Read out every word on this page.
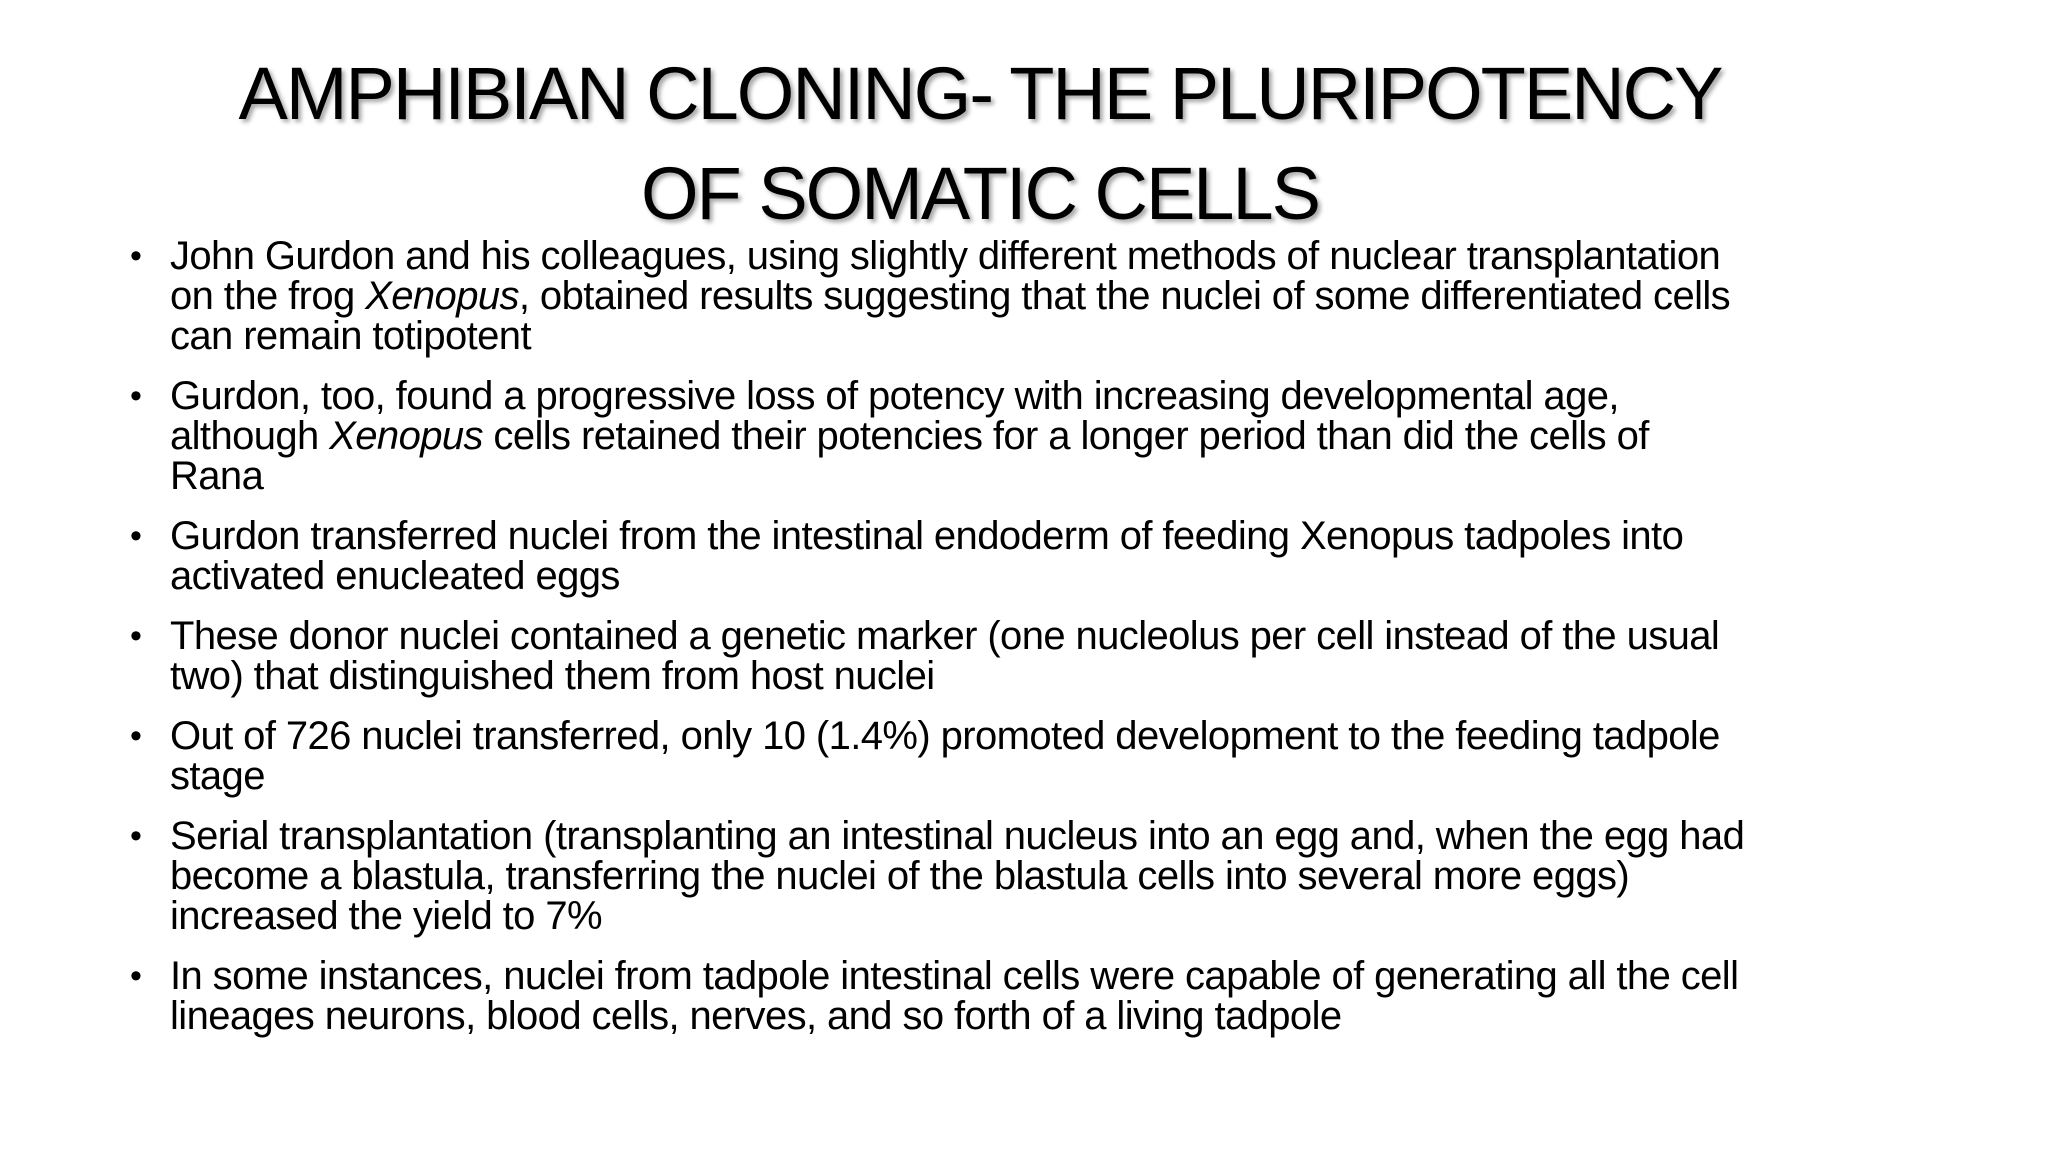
AMPHIBIAN CLONING- THE PLURIPOTENCY
OF SOMATIC CELLS
• John Gurdon and his colleagues, using slightly different methods of nuclear transplantation
on the frog Xenopus, obtained results suggesting that the nuclei of some differentiated cells
can remain totipotent
• Gurdon, too, found a progressive loss of potency with increasing developmental age,
although Xenopus cells retained their potencies for a longer period than did the cells of
Rana
• Gurdon transferred nuclei from the intestinal endoderm of feeding Xenopus tadpoles into
activated enucleated eggs
• These donor nuclei contained a genetic marker (one nucleolus per cell instead of the usual
two) that distinguished them from host nuclei
• Out of 726 nuclei transferred, only 10 (1.4%) promoted development to the feeding tadpole
stage
• Serial transplantation (transplanting an intestinal nucleus into an egg and, when the egg had
become a blastula, transferring the nuclei of the blastula cells into several more eggs)
increased the yield to 7%
• In some instances, nuclei from tadpole intestinal cells were capable of generating all the cell
lineages neurons, blood cells, nerves, and so forth of a living tadpole
